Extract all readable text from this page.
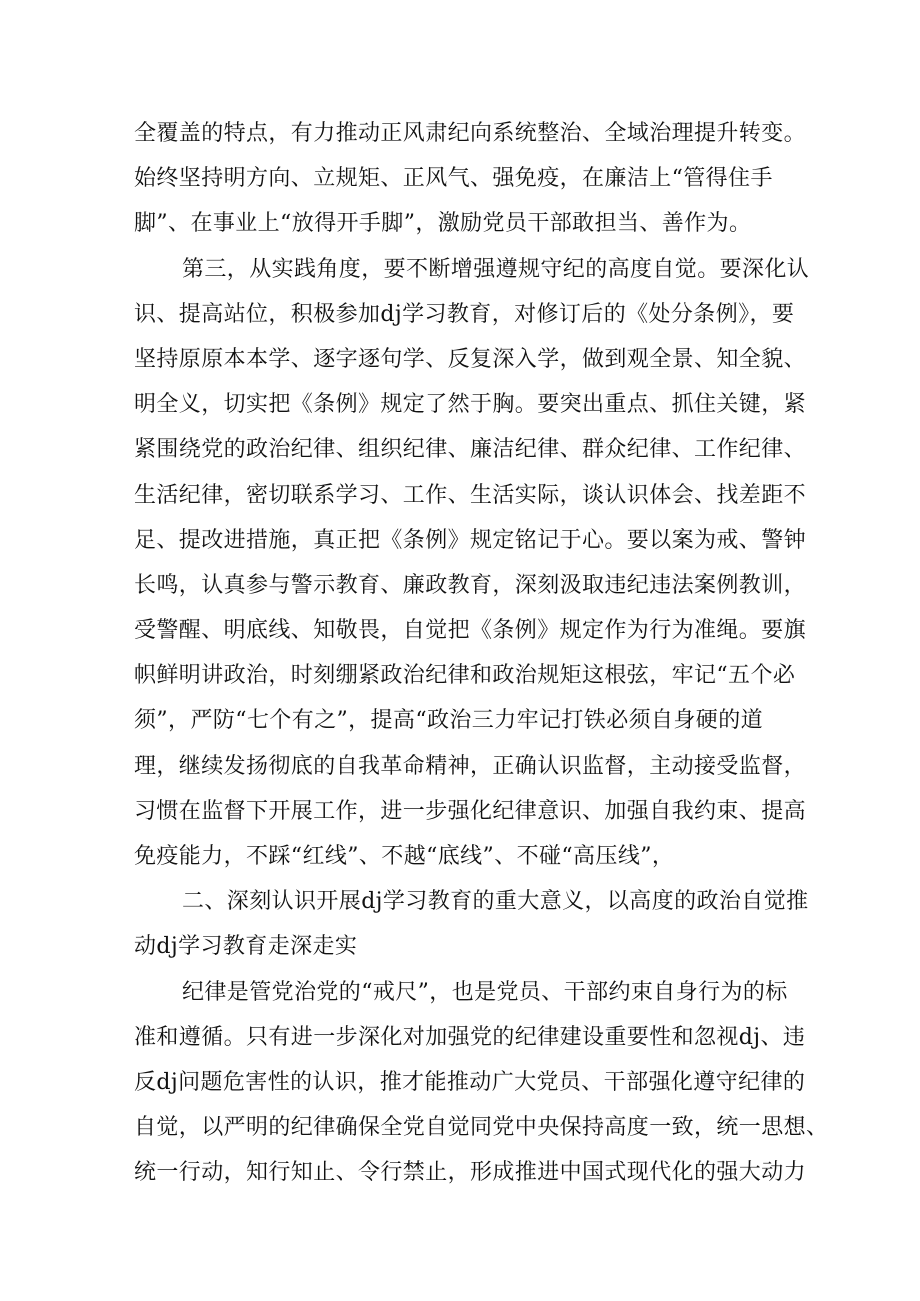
全覆盖的特点，有力推动正风肃纪向系统整治、全域治理提升转变。
始终坚持明方向、立规矩、正风气、强免疫，在廉洁上“管得住手
脚”、在事业上“放得开手脚”，激励党员干部敢担当、善作为。
第三，从实践角度，要不断增强遵规守纪的高度自觉。要深化认
识、提高站位，积极参加dj学习教育，对修订后的《处分条例》，要
坚持原原本本学、逐字逐句学、反复深入学，做到观全景、知全貌、
明全义，切实把《条例》规定了然于胸。要突出重点、抓住关键，紧
紧围绕党的政治纪律、组织纪律、廉洁纪律、群众纪律、工作纪律、
生活纪律，密切联系学习、工作、生活实际，谈认识体会、找差距不
足、提改进措施，真正把《条例》规定铭记于心。要以案为戒、警钟
长鸣，认真参与警示教育、廉政教育，深刻汲取违纪违法案例教训，
受警醒、明底线、知敬畏，自觉把《条例》规定作为行为准绳。要旗
帜鲜明讲政治，时刻绷紧政治纪律和政治规矩这根弦，牢记“五个必
须”，严防“七个有之”，提高“政治三力牢记打铁必须自身硬的道
理，继续发扬彻底的自我革命精神，正确认识监督，主动接受监督，
习惯在监督下开展工作，进一步强化纪律意识、加强自我约束、提高
免疫能力，不踩“红线”、不越“底线”、不碰“高压线”，
二、深刻认识开展dj学习教育的重大意义，以高度的政治自觉推
动dj学习教育走深走实
纪律是管党治党的“戒尺”，也是党员、干部约束自身行为的标
准和遵循。只有进一步深化对加强党的纪律建设重要性和忽视dj、违
反dj问题危害性的认识，推才能推动广大党员、干部强化遵守纪律的
自觉，以严明的纪律确保全党自觉同党中央保持高度一致，统一思想、
统一行动，知行知止、令行禁止，形成推进中国式现代化的强大动力
